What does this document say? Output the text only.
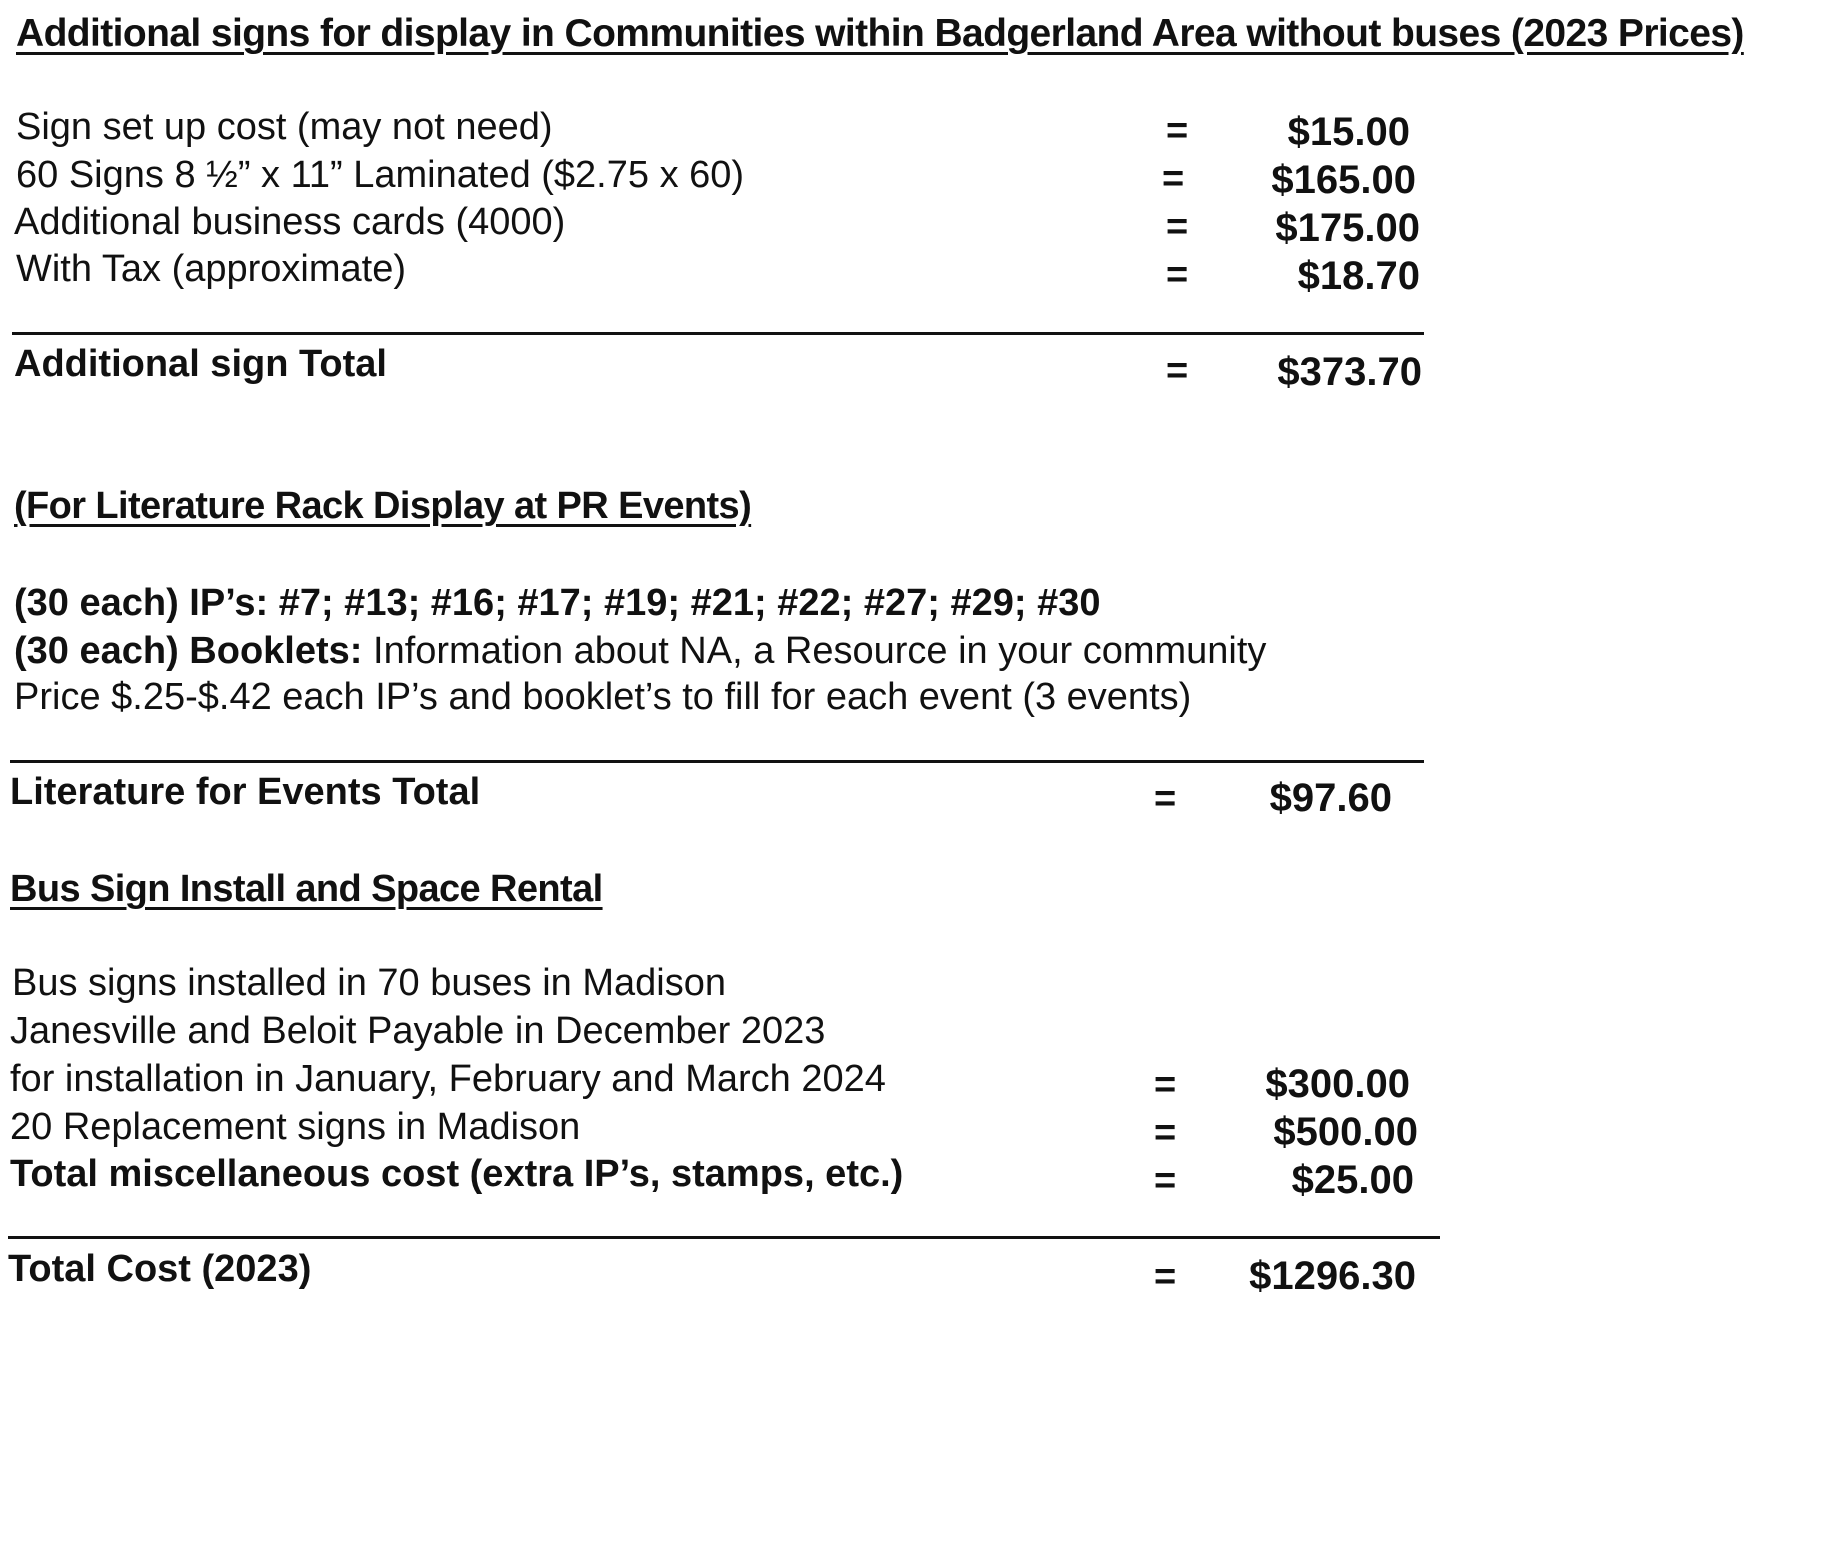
Additional signs for display in Communities within Badgerland Area without buses (2023 Prices)
Sign set up cost (may not need)	=	$15.00
60 Signs 8 ½” x 11” Laminated ($2.75 x 60)	=	$165.00
Additional business cards (4000)	=	$175.00
With Tax (approximate)	=	$18.70
Additional sign Total	=	$373.70
(For Literature Rack Display at PR Events)
(30 each) IP’s: #7; #13; #16; #17; #19; #21; #22; #27; #29; #30
(30 each) Booklets: Information about NA, a Resource in your community
Price $.25-$.42 each IP’s and booklet’s to fill for each event (3 events)
Literature for Events Total	=	$97.60
Bus Sign Install and Space Rental
Bus signs installed in 70 buses in Madison
Janesville and Beloit Payable in December 2023
for installation in January, February and March 2024	=	$300.00
20 Replacement signs in Madison	=	$500.00
Total miscellaneous cost (extra IP’s, stamps, etc.)	=	$25.00
Total Cost (2023)	=	$1296.30
